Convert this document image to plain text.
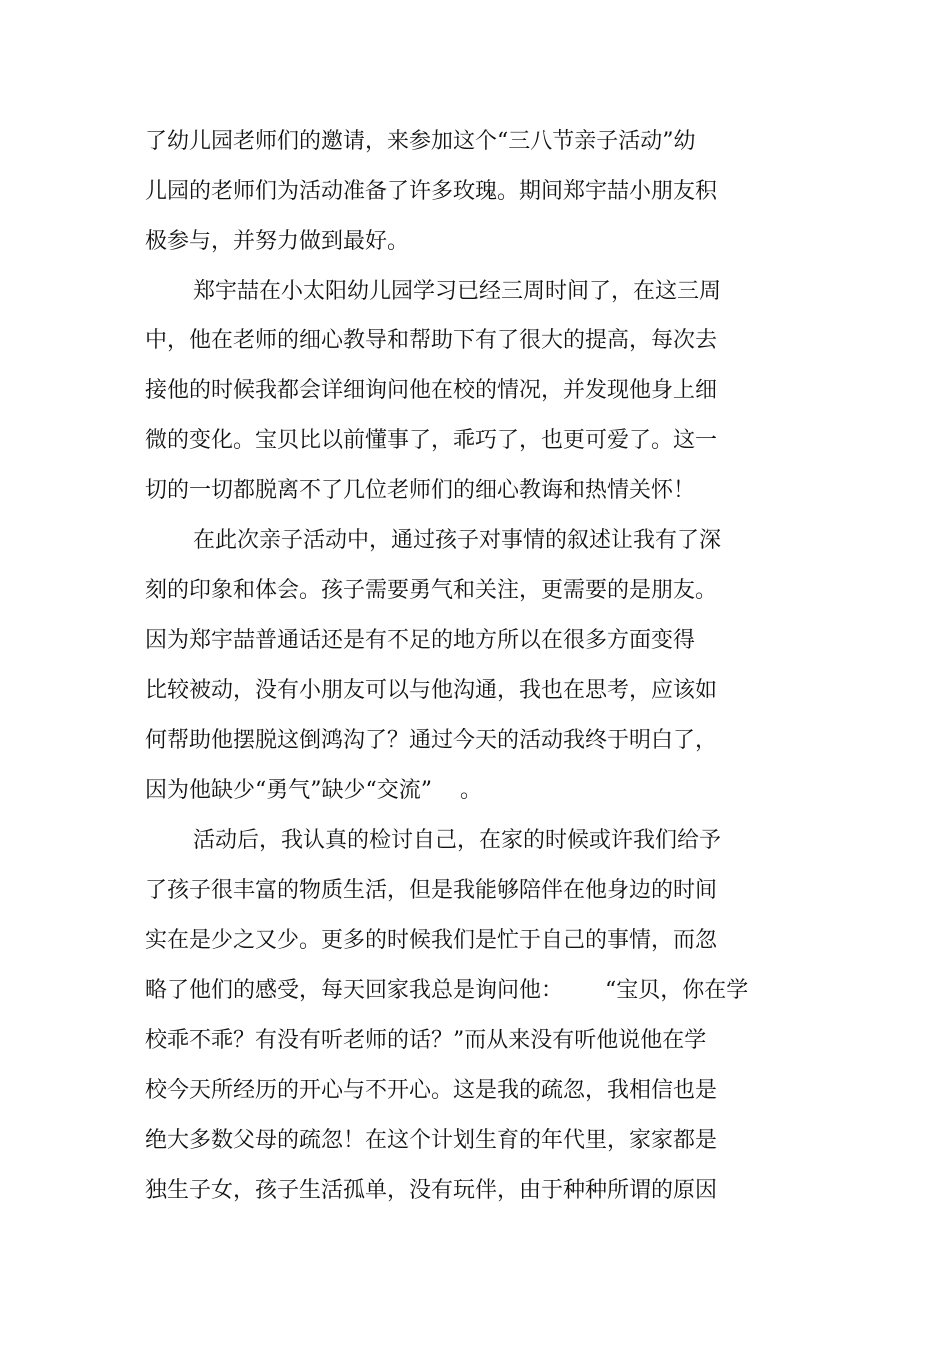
了幼儿园老师们的邀请，来参加这个“三八节亲子活动”幼
儿园的老师们为活动准备了许多玫瑰。期间郑宇喆小朋友积
极参与，并努力做到最好。
郑宇喆在小太阳幼儿园学习已经三周时间了，在这三周
中，他在老师的细心教导和帮助下有了很大的提高，每次去
接他的时候我都会详细询问他在校的情况，并发现他身上细
微的变化。宝贝比以前懂事了，乖巧了，也更可爱了。这一
切的一切都脱离不了几位老师们的细心教诲和热情关怀！
在此次亲子活动中，通过孩子对事情的叙述让我有了深
刻的印象和体会。孩子需要勇气和关注，更需要的是朋友。
因为郑宇喆普通话还是有不足的地方所以在很多方面变得
比较被动，没有小朋友可以与他沟通，我也在思考，应该如
何帮助他摆脱这倒鸿沟了？通过今天的活动我终于明白了，
因为他缺少“勇气”缺少“交流”    。
活动后，我认真的检讨自己，在家的时候或许我们给予
了孩子很丰富的物质生活，但是我能够陪伴在他身边的时间
实在是少之又少。更多的时候我们是忙于自己的事情，而忽
略了他们的感受，每天回家我总是询问他：      “宝贝，你在学
校乖不乖？有没有听老师的话？”而从来没有听他说他在学
校今天所经历的开心与不开心。这是我的疏忽，我相信也是
绝大多数父母的疏忽！在这个计划生育的年代里，家家都是
独生子女，孩子生活孤单，没有玩伴，由于种种所谓的原因
